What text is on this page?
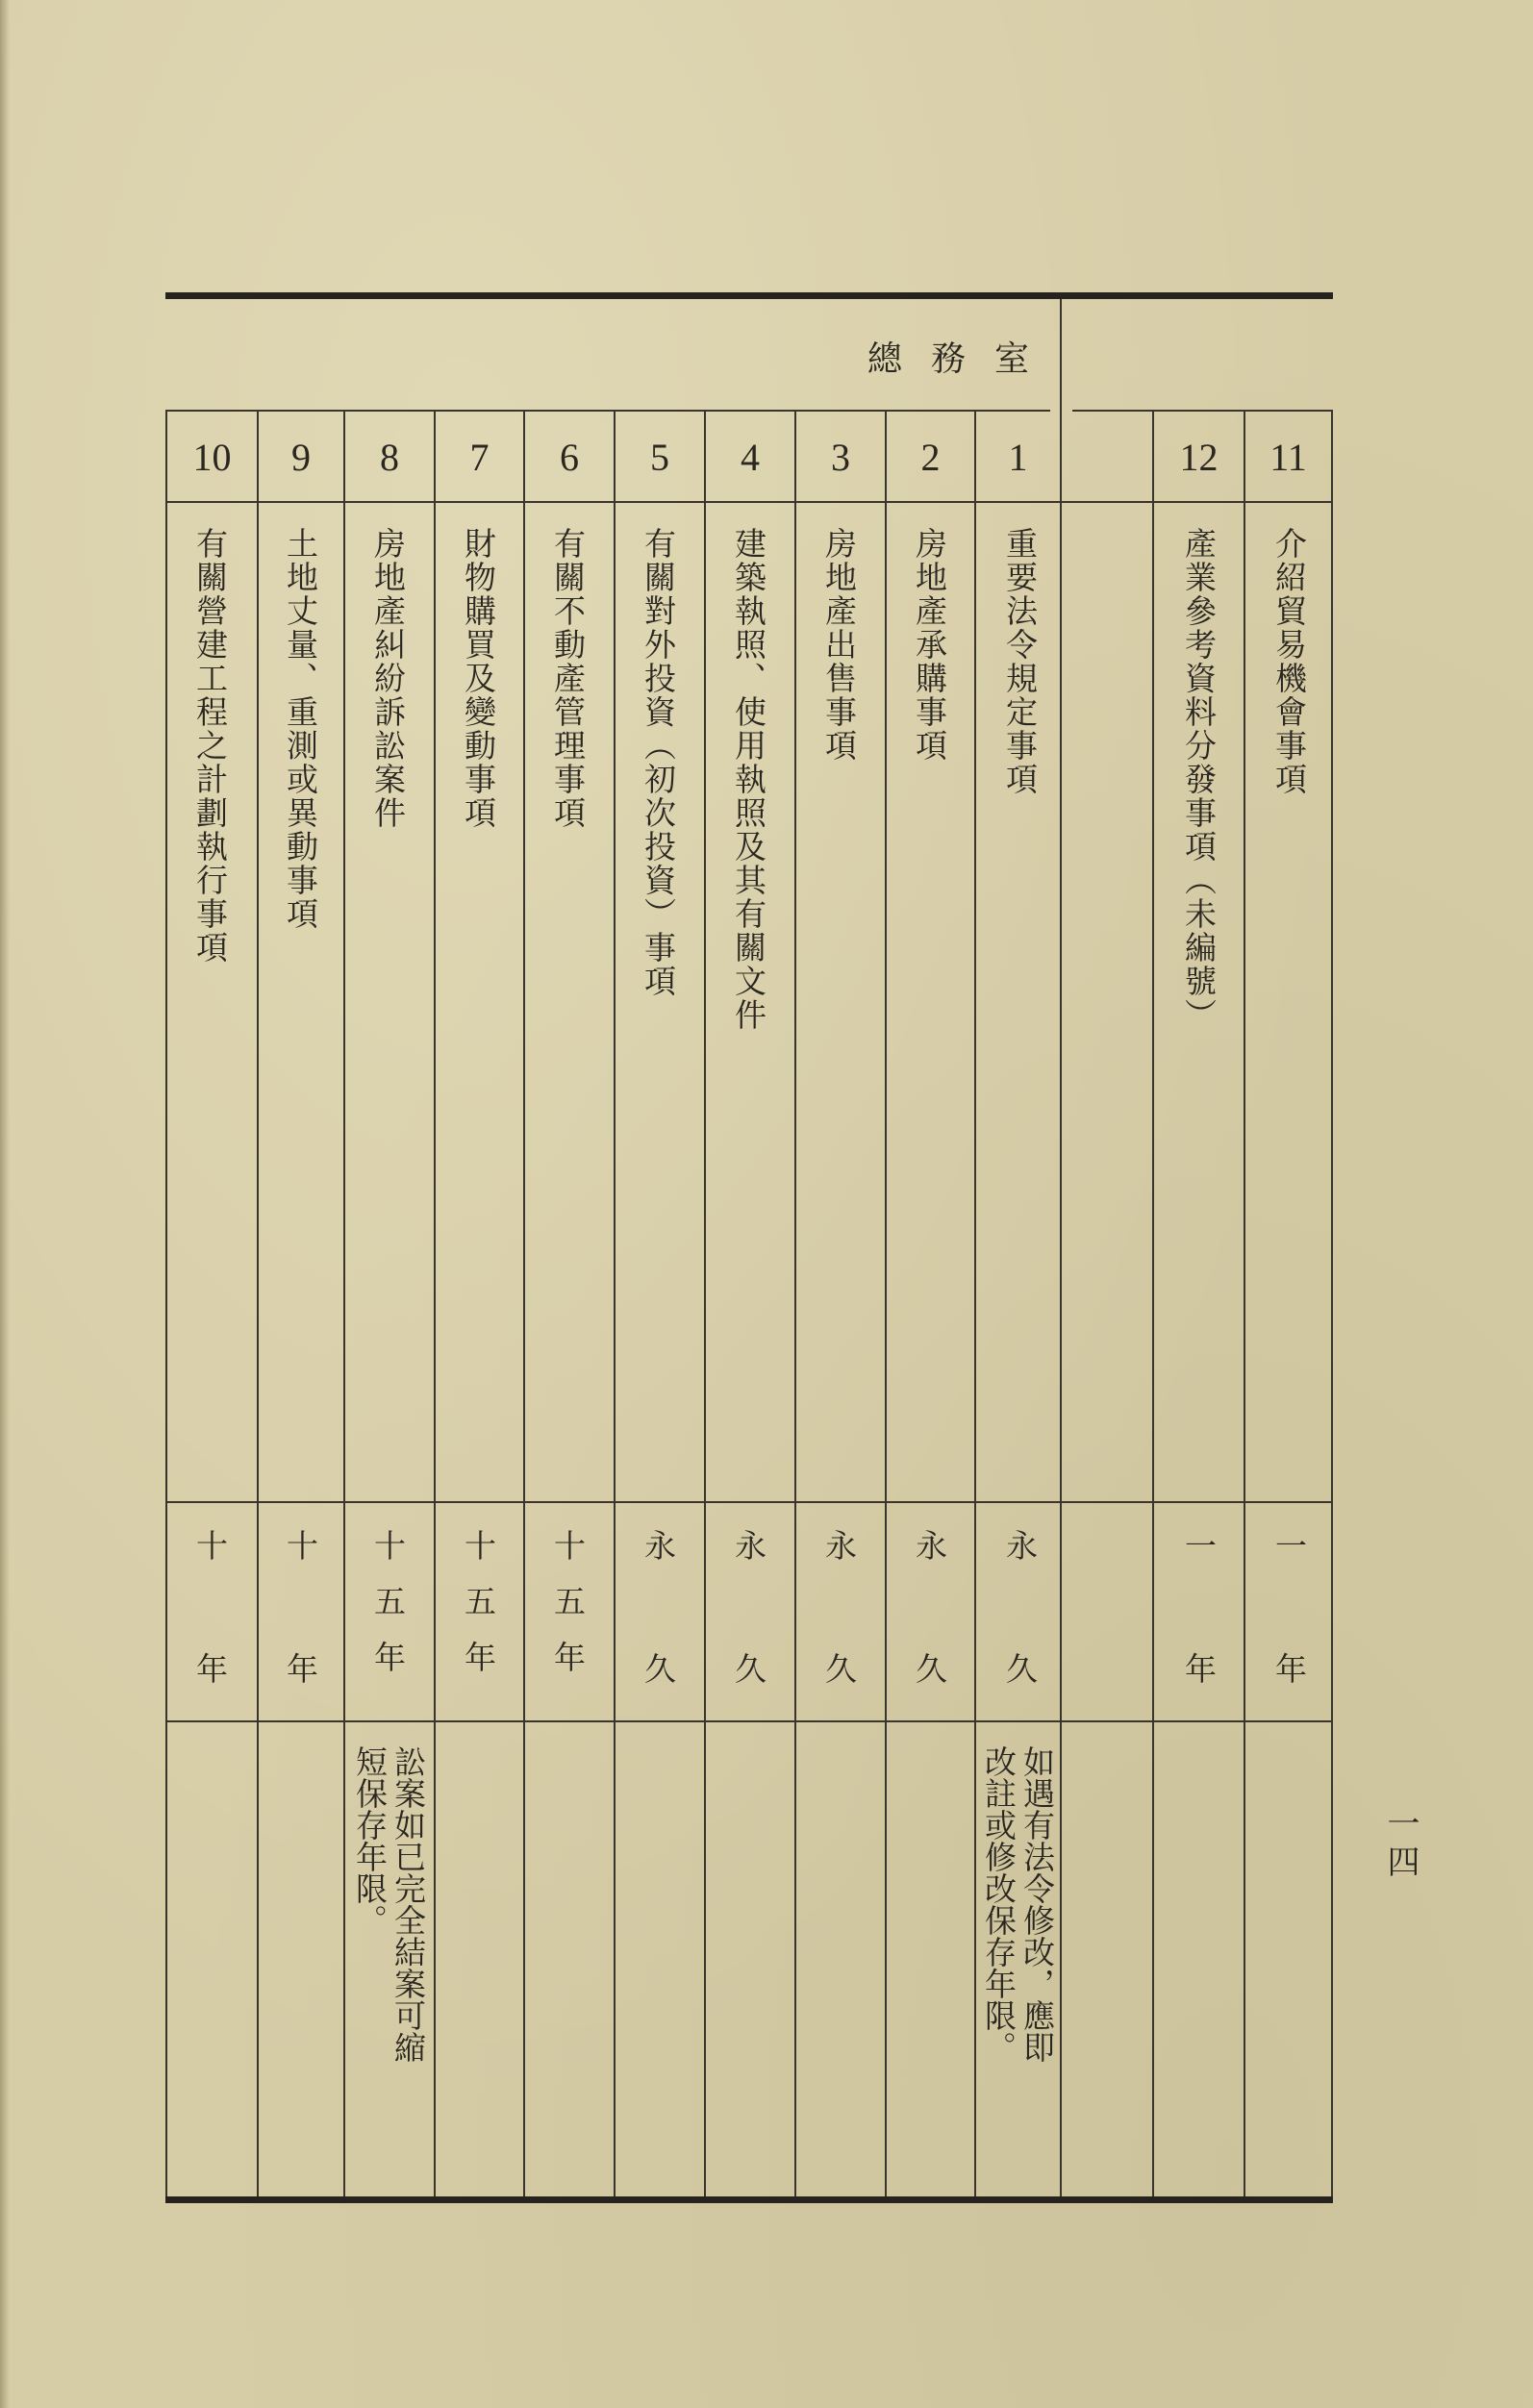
總務室
11
12
1
2
3
4
5
6
7
8
9
10
介紹貿易機會事項
產業參考資料分發事項（未編號）
重要法令規定事項
房地產承購事項
房地產出售事項
建築執照、使用執照及其有關文件
有關對外投資（初次投資）事項
有關不動產管理事項
財物購買及變動事項
房地產糾紛訴訟案件
土地丈量、重測或異動事項
有關營建工程之計劃執行事項
一年
一年
永久
永久
永久
永久
永久
十五年
十五年
十五年
十年
十年
如遇有法令修改，應即
改註或修改保存年限。
訟案如已完全結案可縮
短保存年限。	一四
